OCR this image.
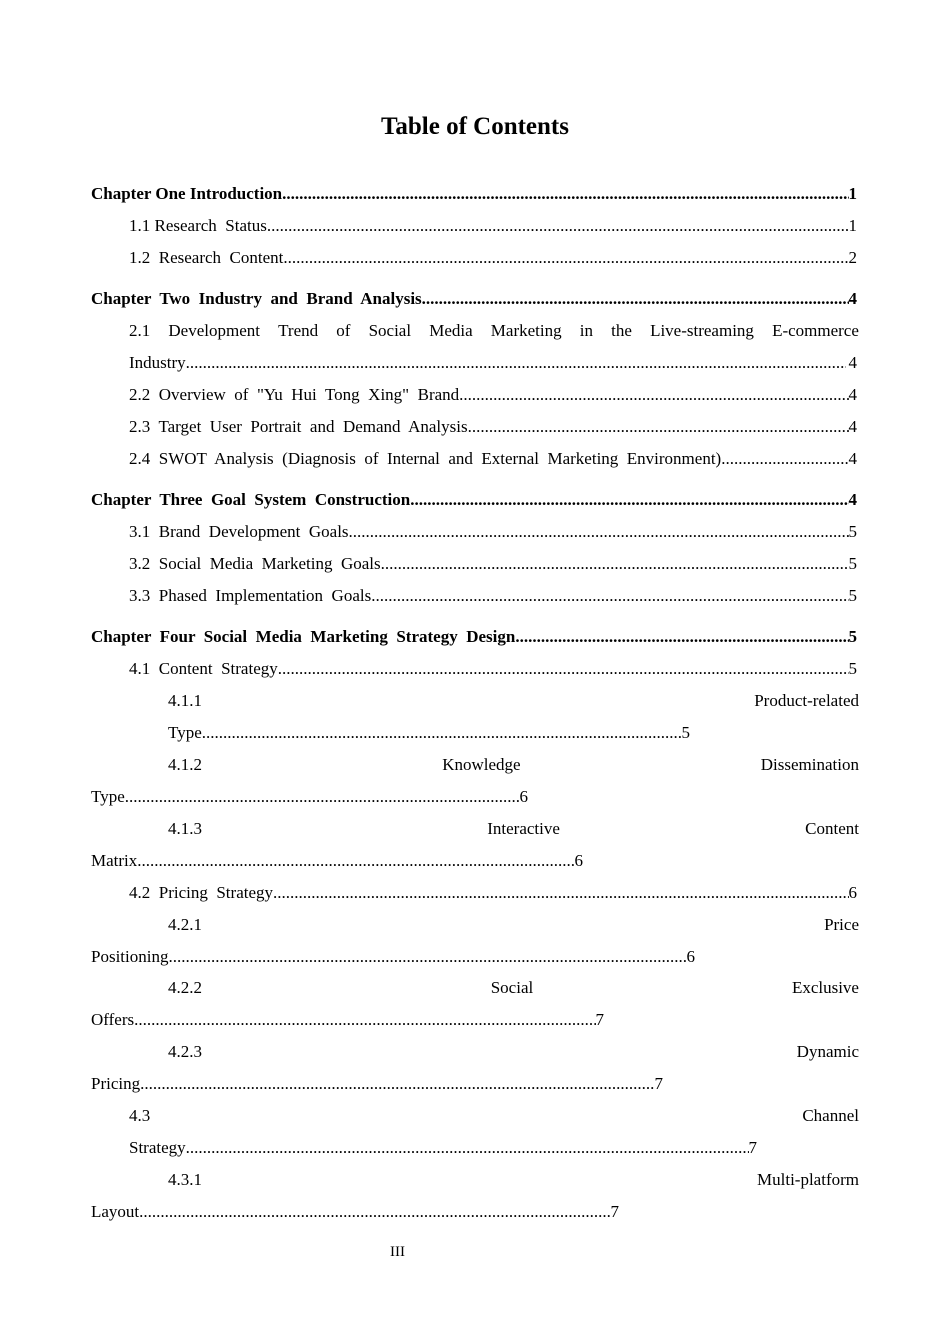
Table of Contents
Chapter One Introduction .....	1
1.1 Research  Status .....	1
1.2  Research  Content .....	2
Chapter  Two  Industry  and  Brand  Analysis .....	4
2.1 Development Trend of Social Media Marketing in the Live-streaming E-commerce
Industry .....	4
2.2  Overview  of  "Yu  Hui  Tong  Xing"  Brand .....	4
2.3  Target  User  Portrait  and  Demand  Analysis .....	4
2.4  SWOT  Analysis  (Diagnosis  of  Internal  and  External  Marketing  Environment) .....	4
Chapter  Three  Goal  System  Construction .....	4
3.1  Brand  Development  Goals .....	5
3.2  Social  Media  Marketing  Goals .....	5
3.3  Phased  Implementation  Goals .....	5
Chapter  Four  Social  Media  Marketing  Strategy  Design .....	5
4.1  Content  Strategy .....	5
4.1.1	Product-related
Type .....	5
4.1.2	Knowledge	Dissemination
Type .....	6
4.1.3	Interactive	Content
Matrix .....	6
4.2  Pricing  Strategy .....	6
4.2.1	Price
Positioning .....	6
4.2.2	Social	Exclusive
Offers .....	7
4.2.3	Dynamic
Pricing .....	7
4.3	Channel
Strategy .....	7
4.3.1	Multi-platform
Layout .....	7
III
